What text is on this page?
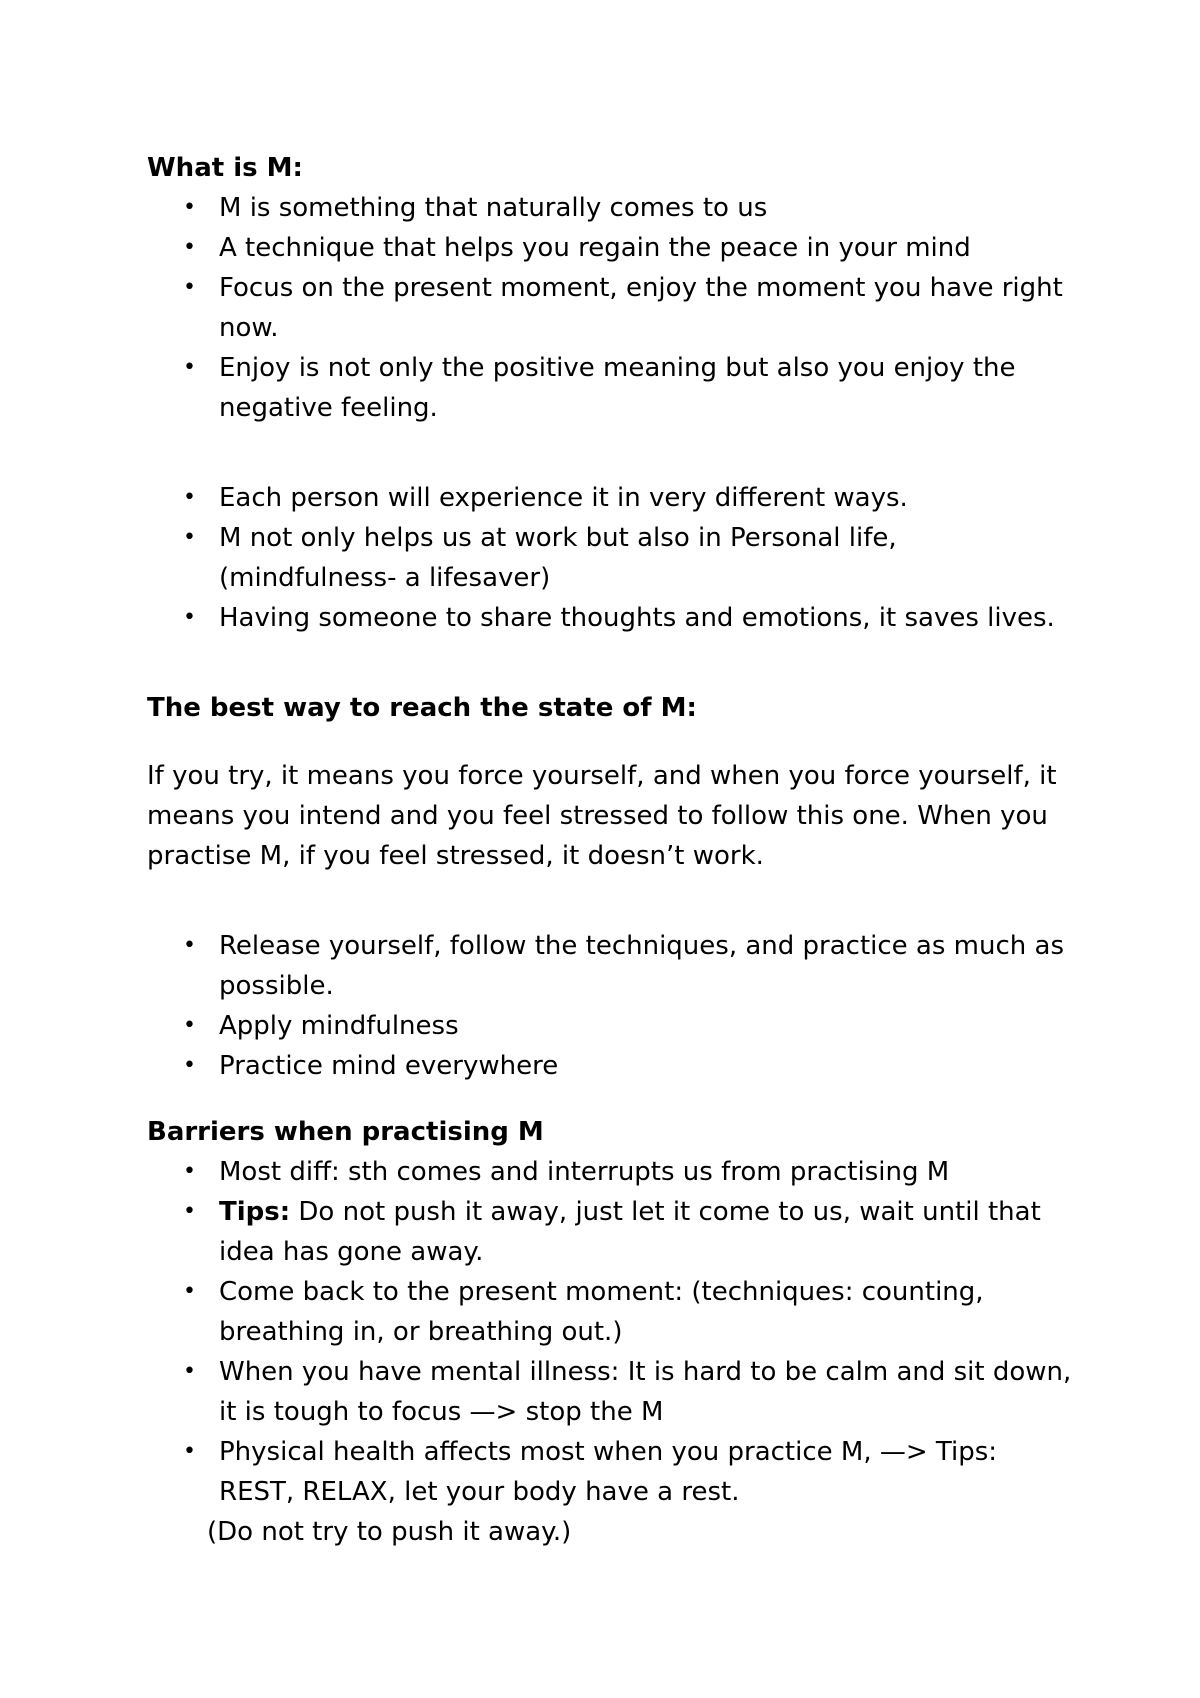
What is M:
• M is something that naturally comes to us
• A technique that helps you regain the peace in your mind
• Focus on the present moment, enjoy the moment you have right now.
• Enjoy is not only the positive meaning but also you enjoy the negative feeling.
• Each person will experience it in very different ways.
• M not only helps us at work but also in Personal life, (mindfulness- a lifesaver)
• Having someone to share thoughts and emotions, it saves lives.
The best way to reach the state of M:

If you try, it means you force yourself, and when you force yourself, it means you intend and you feel stressed to follow this one. When you practise M, if you feel stressed, it doesn’t work.

• Release yourself, follow the techniques, and practice as much as possible.
• Apply mindfulness
• Practice mind everywhere
Barriers when practising M
• Most diff: sth comes and interrupts us from practising M
• Tips: Do not push it away, just let it come to us, wait until that idea has gone away.
• Come back to the present moment: (techniques: counting, breathing in, or breathing out.)
• When you have mental illness: It is hard to be calm and sit down, it is tough to focus —> stop the M
• Physical health affects most when you practice M, —> Tips: REST, RELAX, let your body have a rest.

(Do not try to push it away.)
